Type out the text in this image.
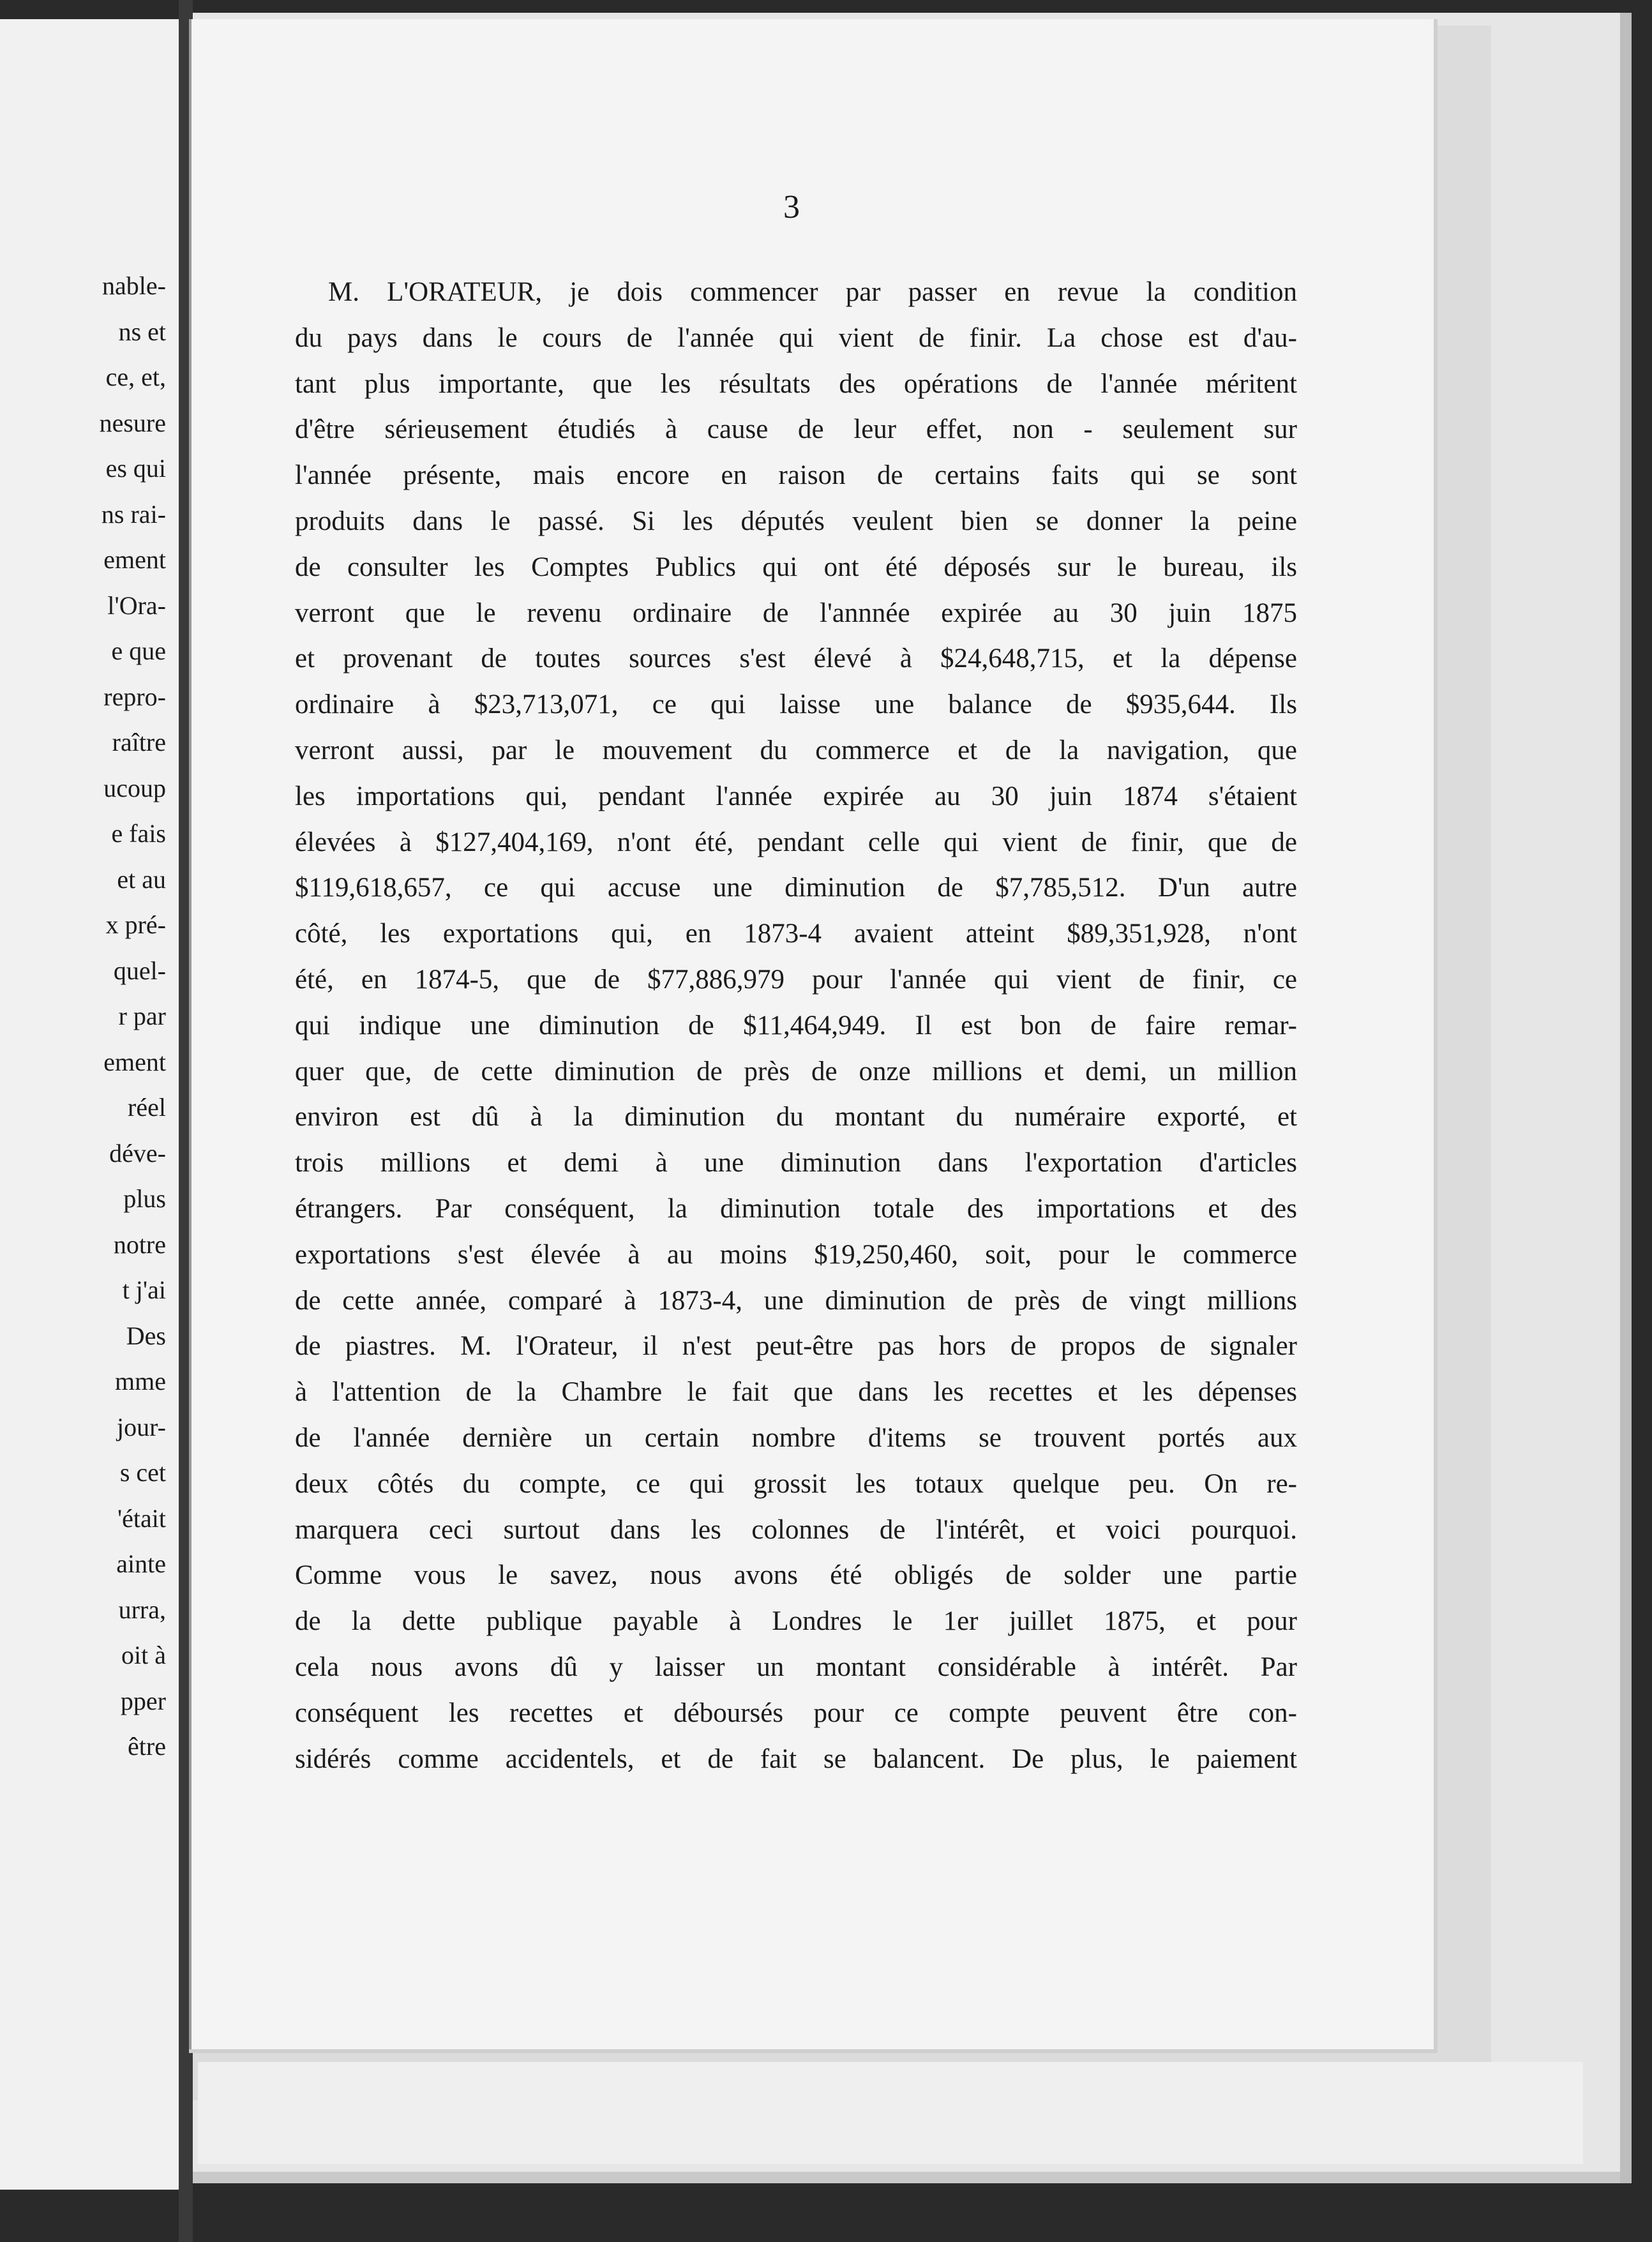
nable-
ns et
ce, et,
nesure
es qui
ns rai-
ement
l'Ora-
e que
repro-
raître
ucoup
e fais
et au
x pré-
quel-
r par
ement
réel
déve-
plus
notre
t j'ai
Des
mme
jour-
s cet
'était
ainte
urra,
oit à
pper
être
3
M. L'ORATEUR, je dois commencer par passer en revue la condition
du pays dans le cours de l'année qui vient de finir. La chose est d'au-
tant plus importante, que les résultats des opérations de l'année méritent
d'être sérieusement étudiés à cause de leur effet, non - seulement sur
l'année présente, mais encore en raison de certains faits qui se sont
produits dans le passé. Si les députés veulent bien se donner la peine
de consulter les Comptes Publics qui ont été déposés sur le bureau, ils
verront que le revenu ordinaire de l'annnée expirée au 30 juin 1875
et provenant de toutes sources s'est élevé à $24,648,715, et la dépense
ordinaire à $23,713,071, ce qui laisse une balance de $935,644. Ils
verront aussi, par le mouvement du commerce et de la navigation, que
les importations qui, pendant l'année expirée au 30 juin 1874 s'étaient
élevées à $127,404,169, n'ont été, pendant celle qui vient de finir, que de
$119,618,657, ce qui accuse une diminution de $7,785,512. D'un autre
côté, les exportations qui, en 1873-4 avaient atteint $89,351,928, n'ont
été, en 1874-5, que de $77,886,979 pour l'année qui vient de finir, ce
qui indique une diminution de $11,464,949. Il est bon de faire remar-
quer que, de cette diminution de près de onze millions et demi, un million
environ est dû à la diminution du montant du numéraire exporté, et
trois millions et demi à une diminution dans l'exportation d'articles
étrangers. Par conséquent, la diminution totale des importations et des
exportations s'est élevée à au moins $19,250,460, soit, pour le commerce
de cette année, comparé à 1873-4, une diminution de près de vingt millions
de piastres. M. l'Orateur, il n'est peut-être pas hors de propos de signaler
à l'attention de la Chambre le fait que dans les recettes et les dépenses
de l'année dernière un certain nombre d'items se trouvent portés aux
deux côtés du compte, ce qui grossit les totaux quelque peu. On re-
marquera ceci surtout dans les colonnes de l'intérêt, et voici pourquoi.
Comme vous le savez, nous avons été obligés de solder une partie
de la dette publique payable à Londres le 1er juillet 1875, et pour
cela nous avons dû y laisser un montant considérable à intérêt. Par
conséquent les recettes et déboursés pour ce compte peuvent être con-
sidérés comme accidentels, et de fait se balancent. De plus, le paiement
